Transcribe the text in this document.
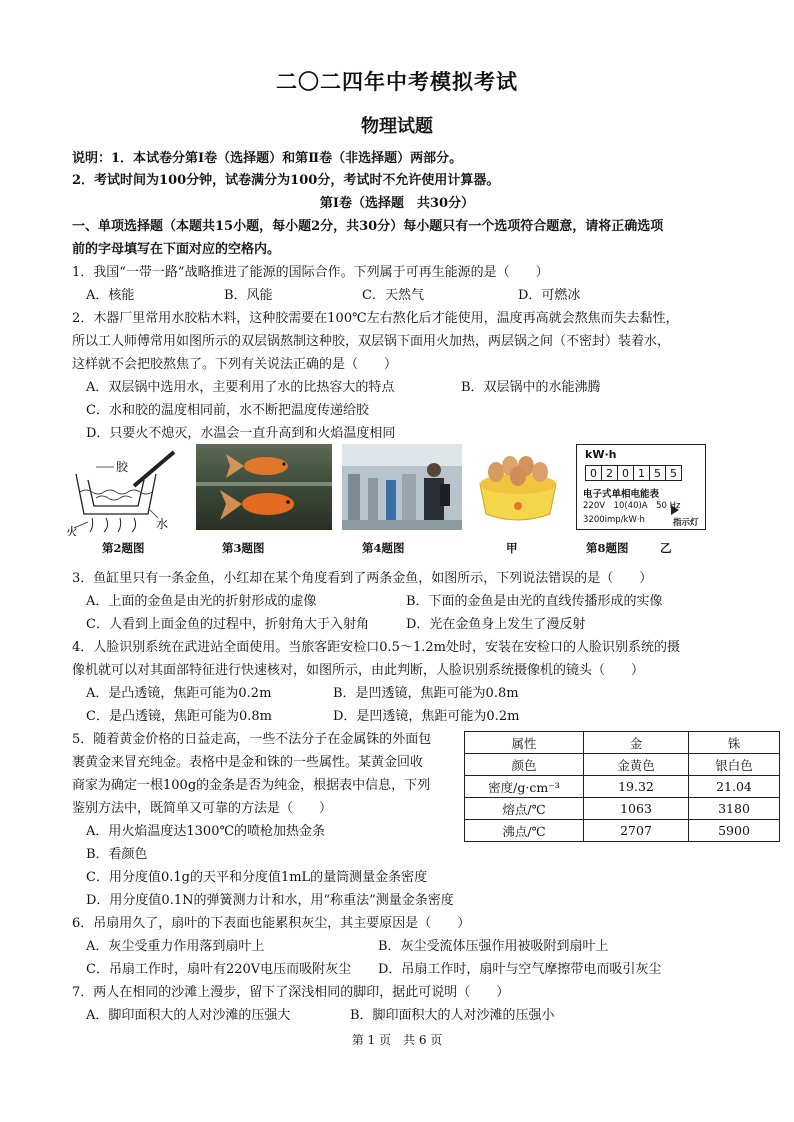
二〇二四年中考模拟考试
物理试题
说明：1．本试卷分第Ⅰ卷（选择题）和第Ⅱ卷（非选择题）两部分。
2．考试时间为100分钟，试卷满分为100分，考试时不允许使用计算器。
第Ⅰ卷（选择题　共30分）
一、单项选择题（本题共15小题，每小题2分，共30分）每小题只有一个选项符合题意，请将正确选项
前的字母填写在下面对应的空格内。
1．我国“一带一路”战略推进了能源的国际合作。下列属于可再生能源的是（　　）
A．核能	B．风能	C．天然气	D．可燃冰
2．木器厂里常用水胶粘木料，这种胶需要在100℃左右熬化后才能使用，温度再高就会熬焦而失去黏性，
所以工人师傅常用如图所示的双层锅熬制这种胶，双层锅下面用火加热，两层锅之间（不密封）装着水，
这样就不会把胶熬焦了。下列有关说法正确的是（　　）
A．双层锅中选用水，主要利用了水的比热容大的特点	B．双层锅中的水能沸腾
C．水和胶的温度相同前，水不断把温度传递给胶
D．只要火不熄灭，水温会一直升高到和火焰温度相同
胶
火
水
kW·h
0 2 0 1 5 5
电子式单相电能表
220V　10(40)A　50 Hz
3200imp/kW·h	指示灯
第2题图	第3题图	第4题图	甲	第8题图	乙
3．鱼缸里只有一条金鱼，小红却在某个角度看到了两条金鱼，如图所示，下列说法错误的是（　　）
A．上面的金鱼是由光的折射形成的虚像	B．下面的金鱼是由光的直线传播形成的实像
C．人看到上面金鱼的过程中，折射角大于入射角	D．光在金鱼身上发生了漫反射
4．人脸识别系统在武进站全面使用。当旅客距安检口0.5～1.2m处时，安装在安检口的人脸识别系统的摄
像机就可以对其面部特征进行快速核对，如图所示，由此判断，人脸识别系统摄像机的镜头（　　）
A．是凸透镜，焦距可能为0.2m	B．是凹透镜，焦距可能为0.8m
C．是凸透镜，焦距可能为0.8m	D．是凹透镜，焦距可能为0.2m
5．随着黄金价格的日益走高，一些不法分子在金属铢的外面包
裹黄金来冒充纯金。表格中是金和铢的一些属性。某黄金回收
商家为确定一根100g的金条是否为纯金，根据表中信息，下列
鉴别方法中，既简单又可靠的方法是（　　）
A．用火焰温度达1300℃的喷枪加热金条
B．看颜色
C．用分度值0.1g的天平和分度值1mL的量筒测量金条密度
D．用分度值0.1N的弹簧测力计和水，用“称重法”测量金条密度
属性	金	铢
颜色	金黄色	银白色
密度/g·cm⁻³	19.32	21.04
熔点/℃	1063	3180
沸点/℃	2707	5900
6．吊扇用久了，扇叶的下表面也能累积灰尘，其主要原因是（　　）
A．灰尘受重力作用落到扇叶上	B．灰尘受流体压强作用被吸附到扇叶上
C．吊扇工作时，扇叶有220V电压而吸附灰尘 D．吊扇工作时，扇叶与空气摩擦带电而吸引灰尘
7．两人在相同的沙滩上漫步，留下了深浅相同的脚印，据此可说明（　　）
A．脚印面积大的人对沙滩的压强大	B．脚印面积大的人对沙滩的压强小
第 1 页　共 6 页
